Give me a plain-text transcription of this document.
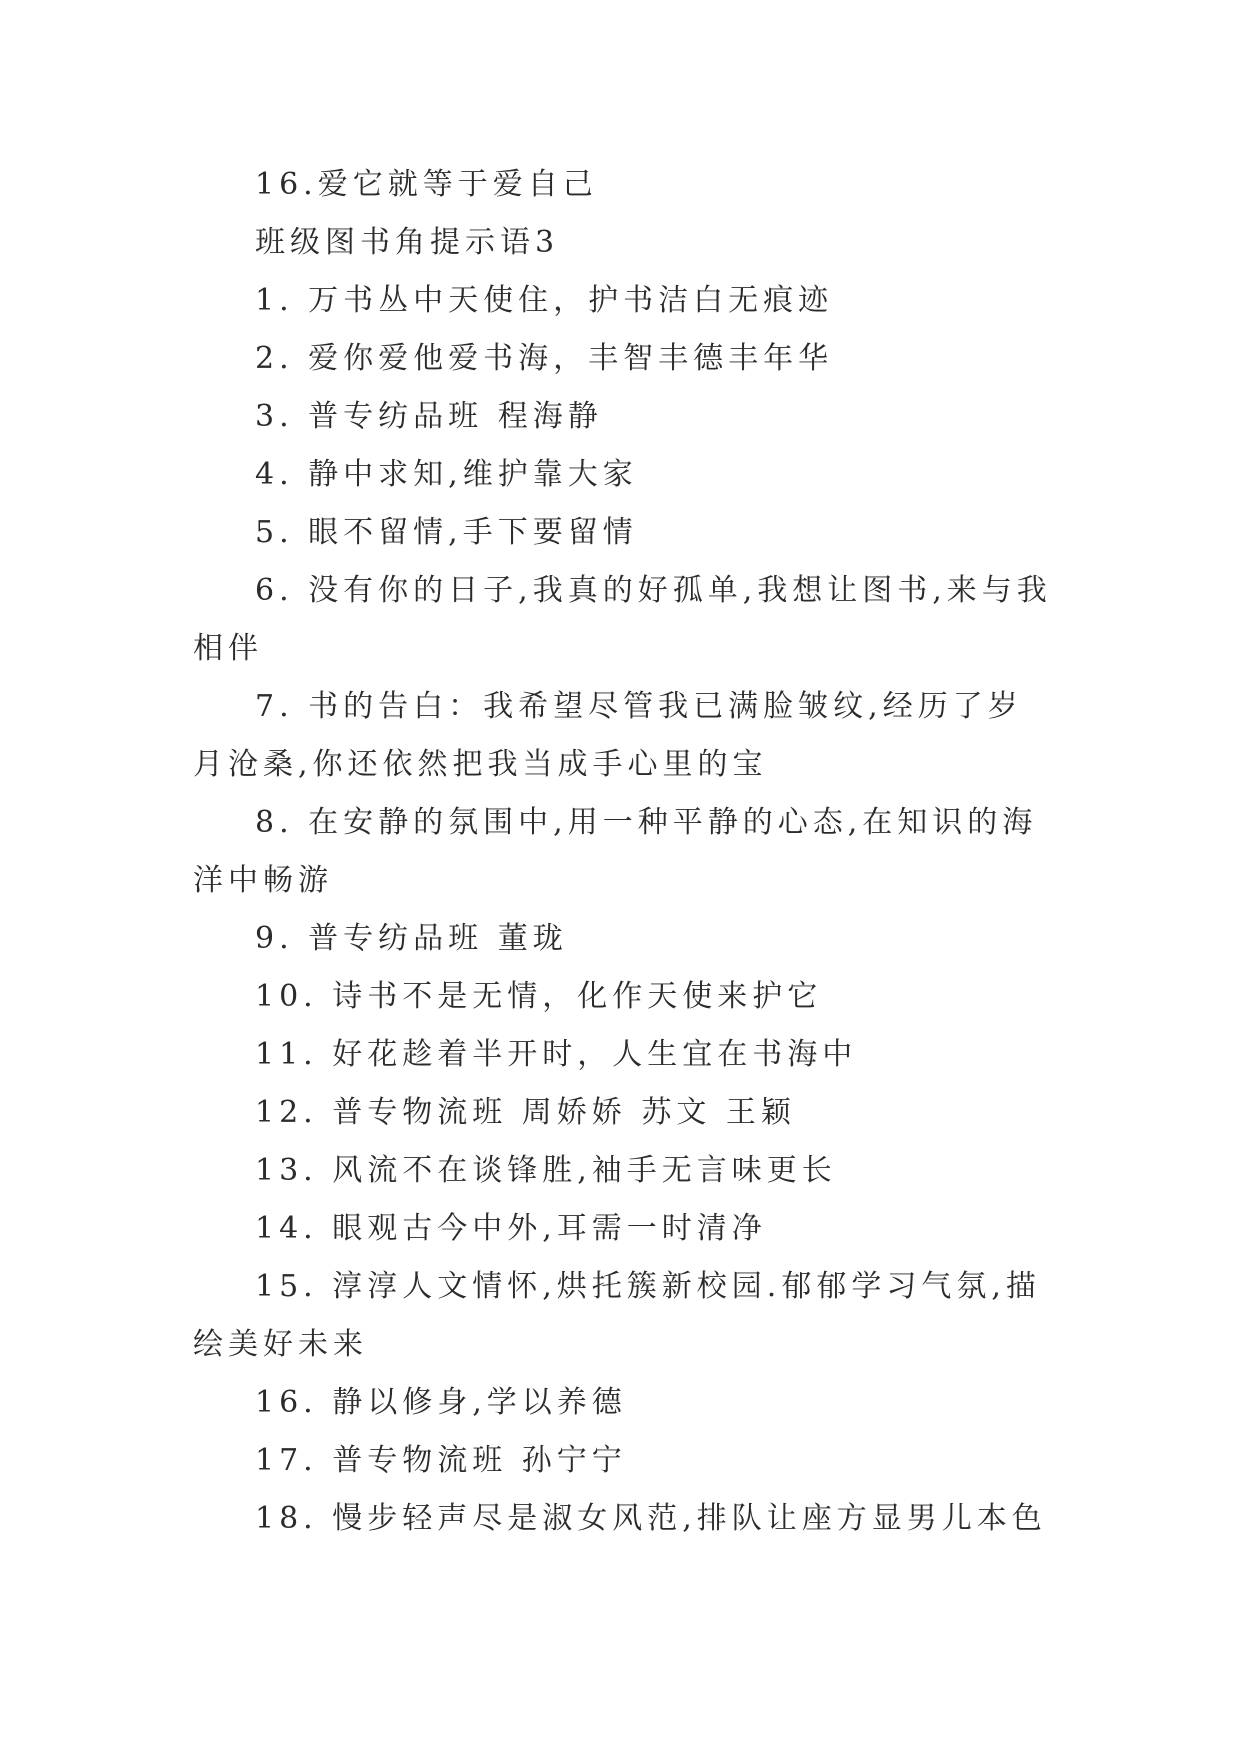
16.爱它就等于爱自己

班级图书角提示语3

1. 万书丛中天使住，护书洁白无痕迹

2. 爱你爱他爱书海，丰智丰德丰年华

3. 普专纺品班 程海静

4. 静中求知,维护靠大家

5. 眼不留情,手下要留情

6. 没有你的日子,我真的好孤单,我想让图书,来与我相伴

7. 书的告白：我希望尽管我已满脸皱纹,经历了岁月沧桑,你还依然把我当成手心里的宝

8. 在安静的氛围中,用一种平静的心态,在知识的海洋中畅游

9. 普专纺品班 董珑

10. 诗书不是无情，化作天使来护它

11. 好花趁着半开时，人生宜在书海中

12. 普专物流班 周娇娇 苏文 王颖

13. 风流不在谈锋胜,袖手无言味更长

14. 眼观古今中外,耳需一时清净

15. 淳淳人文情怀,烘托簇新校园.郁郁学习气氛,描绘美好未来

16. 静以修身,学以养德

17. 普专物流班 孙宁宁

18. 慢步轻声尽是淑女风范,排队让座方显男儿本色
